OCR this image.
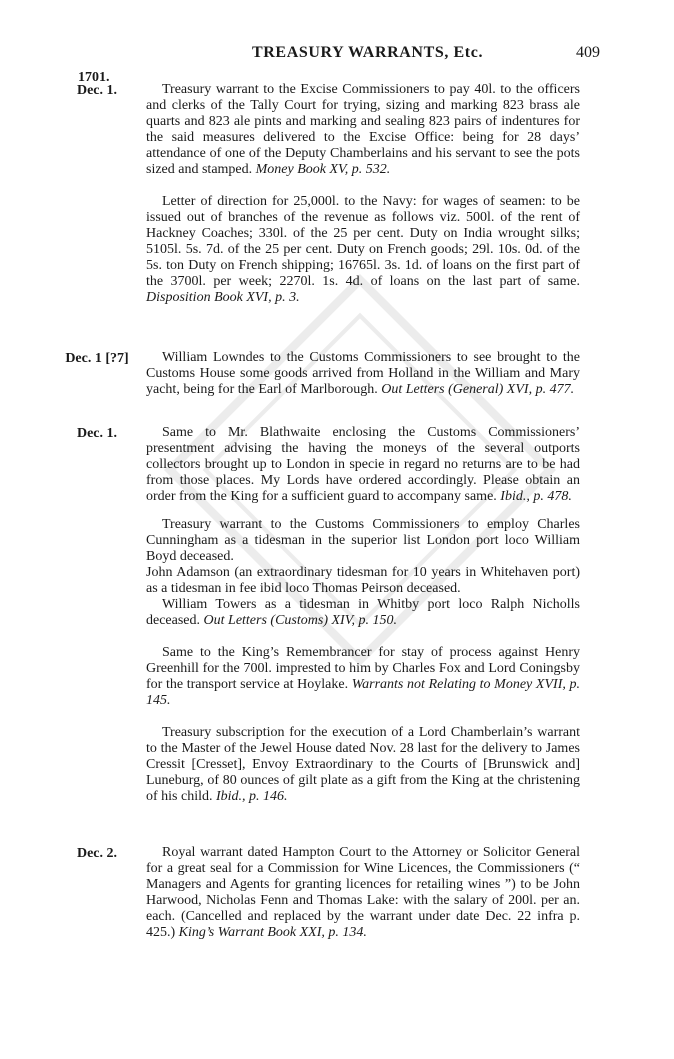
TREASURY WARRANTS, Etc.	409
1701.
Dec. 1.	Treasury warrant to the Excise Commissioners to pay 40l. to the officers and clerks of the Tally Court for trying, sizing and marking 823 brass ale quarts and 823 ale pints and marking and sealing 823 pairs of indentures for the said measures delivered to the Excise Office: being for 28 days’ attendance of one of the Deputy Chamberlains and his servant to see the pots sized and stamped. Money Book XV, p. 532.

Letter of direction for 25,000l. to the Navy: for wages of seamen: to be issued out of branches of the revenue as follows viz. 500l. of the rent of Hackney Coaches; 330l. of the 25 per cent. Duty on India wrought silks; 5105l. 5s. 7d. of the 25 per cent. Duty on French goods; 29l. 10s. 0d. of the 5s. ton Duty on French shipping; 16765l. 3s. 1d. of loans on the first part of the 3700l. per week; 2270l. 1s. 4d. of loans on the last part of same. Disposition Book XVI, p. 3.

Dec. 1 [?7]	William Lowndes to the Customs Commissioners to see brought to the Customs House some goods arrived from Holland in the William and Mary yacht, being for the Earl of Marlborough. Out Letters (General) XVI, p. 477.

Dec. 1.	Same to Mr. Blathwaite enclosing the Customs Commissioners’ presentment advising the having the moneys of the several outports collectors brought up to London in specie in regard no returns are to be had from those places. My Lords have ordered accordingly. Please obtain an order from the King for a sufficient guard to accompany same. Ibid., p. 478.

Treasury warrant to the Customs Commissioners to employ Charles Cunningham as a tidesman in the superior list London port loco William Boyd deceased.

John Adamson (an extraordinary tidesman for 10 years in Whitehaven port) as a tidesman in fee ibid loco Thomas Peirson deceased.

William Towers as a tidesman in Whitby port loco Ralph Nicholls deceased. Out Letters (Customs) XIV, p. 150.

Same to the King’s Remembrancer for stay of process against Henry Greenhill for the 700l. imprested to him by Charles Fox and Lord Coningsby for the transport service at Hoylake. Warrants not Relating to Money XVII, p. 145.

Treasury subscription for the execution of a Lord Chamberlain’s warrant to the Master of the Jewel House dated Nov. 28 last for the delivery to James Cressit [Cresset], Envoy Extraordinary to the Courts of [Brunswick and] Luneburg, of 80 ounces of gilt plate as a gift from the King at the christening of his child. Ibid., p. 146.

Dec. 2.	Royal warrant dated Hampton Court to the Attorney or Solicitor General for a great seal for a Commission for Wine Licences, the Commissioners (“ Managers and Agents for granting licences for retailing wines ”) to be John Harwood, Nicholas Fenn and Thomas Lake: with the salary of 200l. per an. each. (Cancelled and replaced by the warrant under date Dec. 22 infra p. 425.) King’s Warrant Book XXI, p. 134.
